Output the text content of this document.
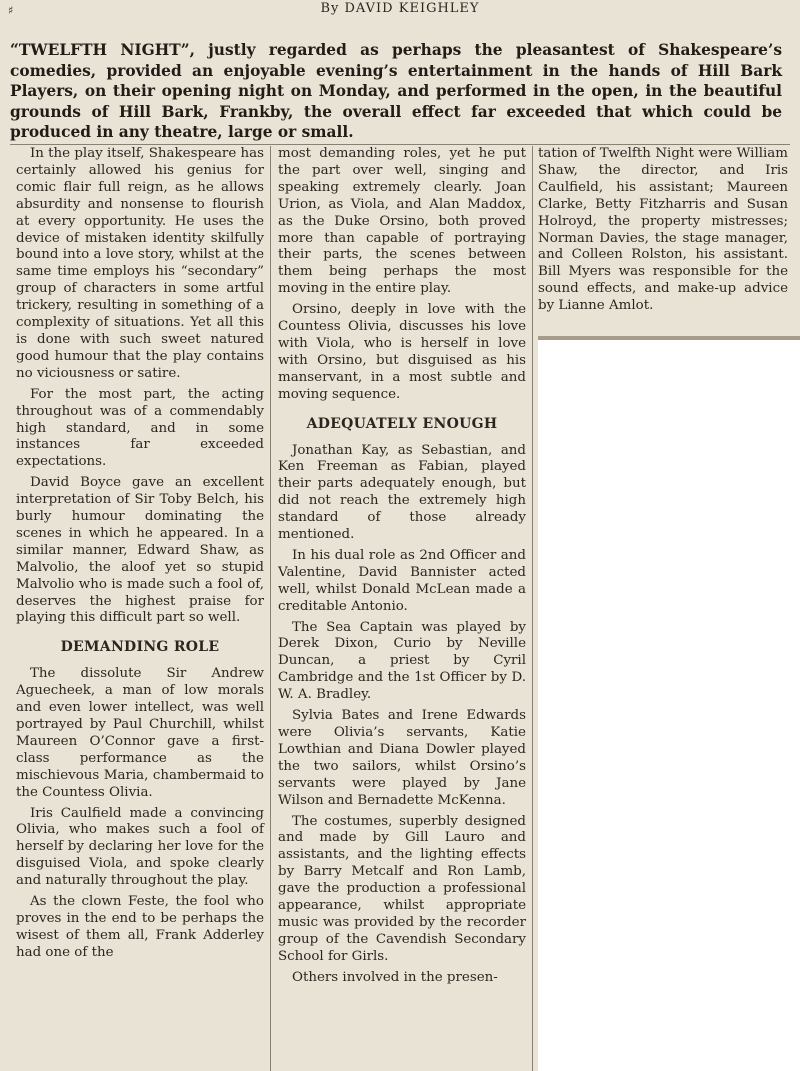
By DAVID KEIGHLEY
♯

“TWELFTH NIGHT”, justly regarded as perhaps the pleasantest of Shakespeare’s comedies, provided an enjoyable evening’s entertainment in the hands of Hill Bark Players, on their opening night on Monday, and performed in the open, in the beautiful grounds of Hill Bark, Frankby, the overall effect far exceeded that which could be produced in any theatre, large or small.

In the play itself, Shakespeare has certainly allowed his genius for comic flair full reign, as he allows absurdity and nonsense to flourish at every opportunity. He uses the device of mistaken identity skilfully bound into a love story, whilst at the same time employs his “secondary” group of characters in some artful trickery, resulting in something of a complexity of situations. Yet all this is done with such sweet natured good humour that the play contains no viciousness or satire.

For the most part, the acting throughout was of a commendably high standard, and in some instances far exceeded expectations.

David Boyce gave an excellent interpretation of Sir Toby Belch, his burly humour dominating the scenes in which he appeared. In a similar manner, Edward Shaw, as Malvolio, the aloof yet so stupid Malvolio who is made such a fool of, deserves the highest praise for playing this difficult part so well.

DEMANDING ROLE

The dissolute Sir Andrew Aguecheek, a man of low morals and even lower intellect, was well portrayed by Paul Churchill, whilst Maureen O’Connor gave a first-class performance as the mischievous Maria, chambermaid to the Countess Olivia.

Iris Caulfield made a convincing Olivia, who makes such a fool of herself by declaring her love for the disguised Viola, and spoke clearly and naturally throughout the play.

As the clown Feste, the fool who proves in the end to be perhaps the wisest of them all, Frank Adderley had one of the

most demanding roles, yet he put the part over well, singing and speaking extremely clearly. Joan Urion, as Viola, and Alan Maddox, as the Duke Orsino, both proved more than capable of portraying their parts, the scenes between them being perhaps the most moving in the entire play.

Orsino, deeply in love with the Countess Olivia, discusses his love with Viola, who is herself in love with Orsino, but disguised as his manservant, in a most subtle and moving sequence.

ADEQUATELY ENOUGH

Jonathan Kay, as Sebastian, and Ken Freeman as Fabian, played their parts adequately enough, but did not reach the extremely high standard of those already mentioned.

In his dual role as 2nd Officer and Valentine, David Bannister acted well, whilst Donald McLean made a creditable Antonio.

The Sea Captain was played by Derek Dixon, Curio by Neville Duncan, a priest by Cyril Cambridge and the 1st Officer by D. W. A. Bradley.

Sylvia Bates and Irene Edwards were Olivia’s servants, Katie Lowthian and Diana Dowler played the two sailors, whilst Orsino’s servants were played by Jane Wilson and Bernadette McKenna.

The costumes, superbly designed and made by Gill Lauro and assistants, and the lighting effects by Barry Metcalf and Ron Lamb, gave the production a professional appearance, whilst appropriate music was provided by the recorder group of the Cavendish Secondary School for Girls.

Others involved in the presen-

tation of Twelfth Night were William Shaw, the director, and Iris Caulfield, his assistant; Maureen Clarke, Betty Fitzharris and Susan Holroyd, the property mistresses; Norman Davies, the stage manager, and Colleen Rolston, his assistant. Bill Myers was responsible for the sound effects, and make-up advice by Lianne Amlot.
